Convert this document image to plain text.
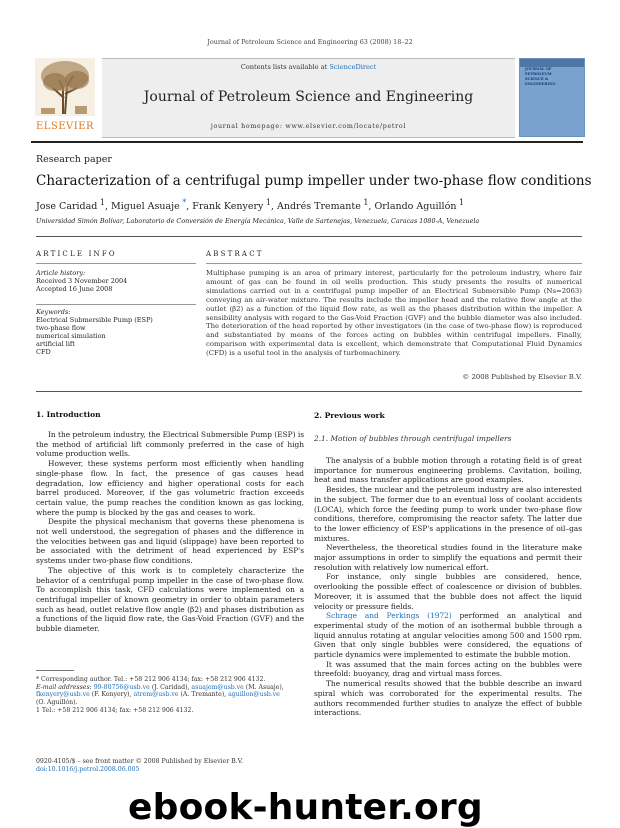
Journal of Petroleum Science and Engineering 63 (2008) 18–22
ELSEVIER
Contents lists available at ScienceDirect
Journal of Petroleum Science and Engineering
journal homepage: www.elsevier.com/locate/petrol
JOURNAL OF
PETROLEUM
SCIENCE &
ENGINEERING
Research paper
Characterization of a centrifugal pump impeller under two-phase flow conditions
Jose Caridad $^1$, Miguel Asuaje *, Frank Kenyery $^1$, Andrés Tremante $^1$, Orlando Aguillón $^1$
Universidad Simón Bolívar, Laboratorio de Conversión de Energía Mecánica, Valle de Sartenejas, Venezuela, Caracas 1080-A, Venezuela
ARTICLE INFO
Article history:
Received 3 November 2004
Accepted 16 June 2008
Keywords:
Electrical Submersible Pump (ESP)
two-phase flow
numerical simulation
artificial lift
CFD
ABSTRACT
Multiphase pumping is an area of primary interest, particularly for the petroleum industry, where fair amount of gas can be found in oil wells production. This study presents the results of numerical simulations carried out in a centrifugal pump impeller of an Electrical Submersible Pump (Ns=2063) conveying an air-water mixture. The results include the impeller head and the relative flow angle at the outlet (β2) as a function of the liquid flow rate, as well as the phases distribution within the impeller. A sensibility analysis with regard to the Gas-Void Fraction (GVF) and the bubble diameter was also included. The deterioration of the head reported by other investigators (in the case of two-phase flow) is reproduced and substantiated by means of the forces acting on bubbles within centrifugal impellers. Finally, comparison with experimental data is excellent, which demonstrate that Computational Fluid Dynamics (CFD) is a useful tool in the analysis of turbomachinery.
© 2008 Published by Elsevier B.V.
1. Introduction

In the petroleum industry, the Electrical Submersible Pump (ESP) is the method of artificial lift commonly preferred in the case of high volume production wells.

However, these systems perform most efficiently when handling single-phase flow. In fact, the presence of gas causes head degradation, low efficiency and higher operational costs for each barrel produced. Moreover, if the gas volumetric fraction exceeds certain value, the pump reaches the condition known as gas locking, where the pump is blocked by the gas and ceases to work.

Despite the physical mechanism that governs these phenomena is not well understood, the segregation of phases and the difference in the velocities between gas and liquid (slippage) have been reported to be associated with the detriment of head experienced by ESP's systems under two-phase flow conditions.

The objective of this work is to completely characterize the behavior of a centrifugal pump impeller in the case of two-phase flow. To accomplish this task, CFD calculations were implemented on a centrifugal impeller of known geometry in order to obtain parameters such as head, outlet relative flow angle (β2) and phases distribution as a functions of the liquid flow rate, the Gas-Void Fraction (GVF) and the bubble diameter.

2. Previous work
2.1. Motion of bubbles through centrifugal impellers

The analysis of a bubble motion through a rotating field is of great importance for numerous engineering problems. Cavitation, boiling, heat and mass transfer applications are good examples.

Besides, the nuclear and the petroleum industry are also interested in the subject. The former due to an eventual loss of coolant accidents (LOCA), which force the feeding pump to work under two-phase flow conditions, therefore, compromising the reactor safety. The latter due to the lower efficiency of ESP's applications in the presence of oil–gas mixtures.

Nevertheless, the theoretical studies found in the literature make major assumptions in order to simplify the equations and permit their resolution with relatively low numerical effort.

For instance, only single bubbles are considered, hence, overlooking the possible effect of coalescence or division of bubbles. Moreover, it is assumed that the bubble does not affect the liquid velocity or pressure fields.

Schrage and Perkings (1972) performed an analytical and experimental study of the motion of an isothermal bubble through a liquid annulus rotating at angular velocities among 500 and 1500 rpm. Given that only single bubbles were considered, the equations of particle dynamics were implemented to estimate the bubble motion.

It was assumed that the main forces acting on the bubbles were threefold: buoyancy, drag and virtual mass forces.

The numerical results showed that the bubble describe an inward spiral which was corroborated for the experimental results. The authors recommended further studies to analyze the effect of bubble interactions.

* Corresponding author. Tel.: +58 212 906 4134; fax: +58 212 906 4132.
E-mail addresses: 99-80756@usb.ve (J. Caridad), asuajem@usb.ve (M. Asuaje),
fkenyery@usb.ve (F. Kenyery), atrem@usb.ve (A. Tremante), aguillon@usb.ve
(O. Aguillón).
1 Tel.: +58 212 906 4134; fax: +58 212 906 4132.
0920-4105/$ – see front matter © 2008 Published by Elsevier B.V.
doi:10.1016/j.petrol.2008.06.005
ebook-hunter.org
